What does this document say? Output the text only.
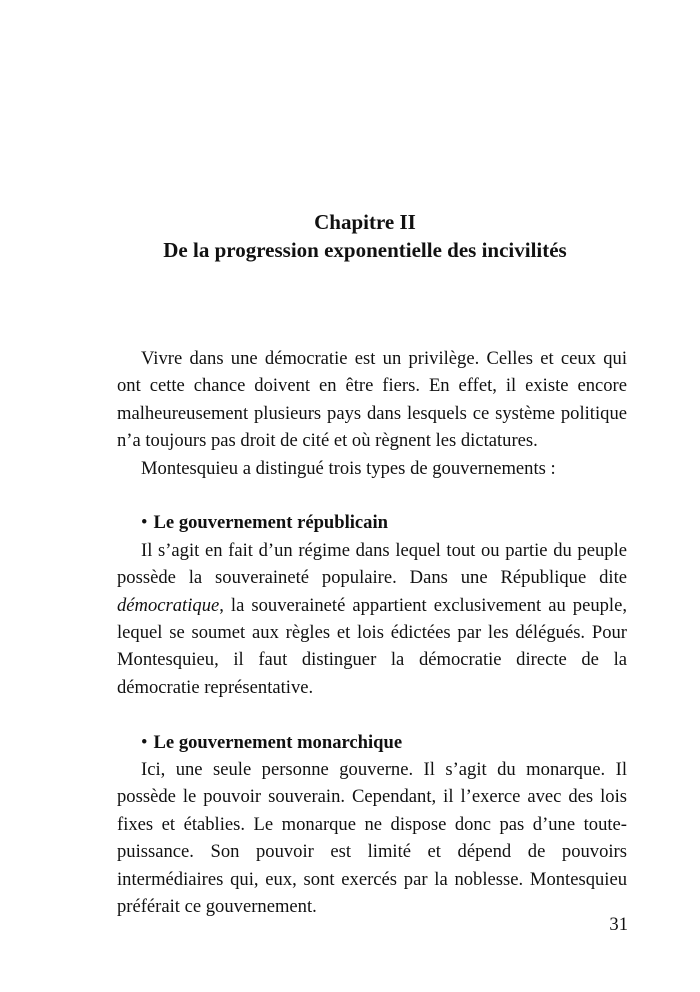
Chapitre II
De la progression exponentielle des incivilités

Vivre dans une démocratie est un privilège. Celles et ceux qui ont cette chance doivent en être fiers. En effet, il existe encore malheureusement plusieurs pays dans lesquels ce système politique n’a toujours pas droit de cité et où règnent les dictatures.

Montesquieu a distingué trois types de gouvernements :

• Le gouvernement républicain

Il s’agit en fait d’un régime dans lequel tout ou partie du peuple possède la souveraineté populaire. Dans une République dite démocratique, la souveraineté appartient exclusivement au peuple, lequel se soumet aux règles et lois édictées par les délégués. Pour Montesquieu, il faut distinguer la démocratie directe de la démocratie représentative.

• Le gouvernement monarchique

Ici, une seule personne gouverne. Il s’agit du monarque. Il possède le pouvoir souverain. Cependant, il l’exerce avec des lois fixes et établies. Le monarque ne dispose donc pas d’une toute-puissance. Son pouvoir est limité et dépend de pouvoirs intermédiaires qui, eux, sont exercés par la noblesse. Montesquieu préférait ce gouvernement.

31
